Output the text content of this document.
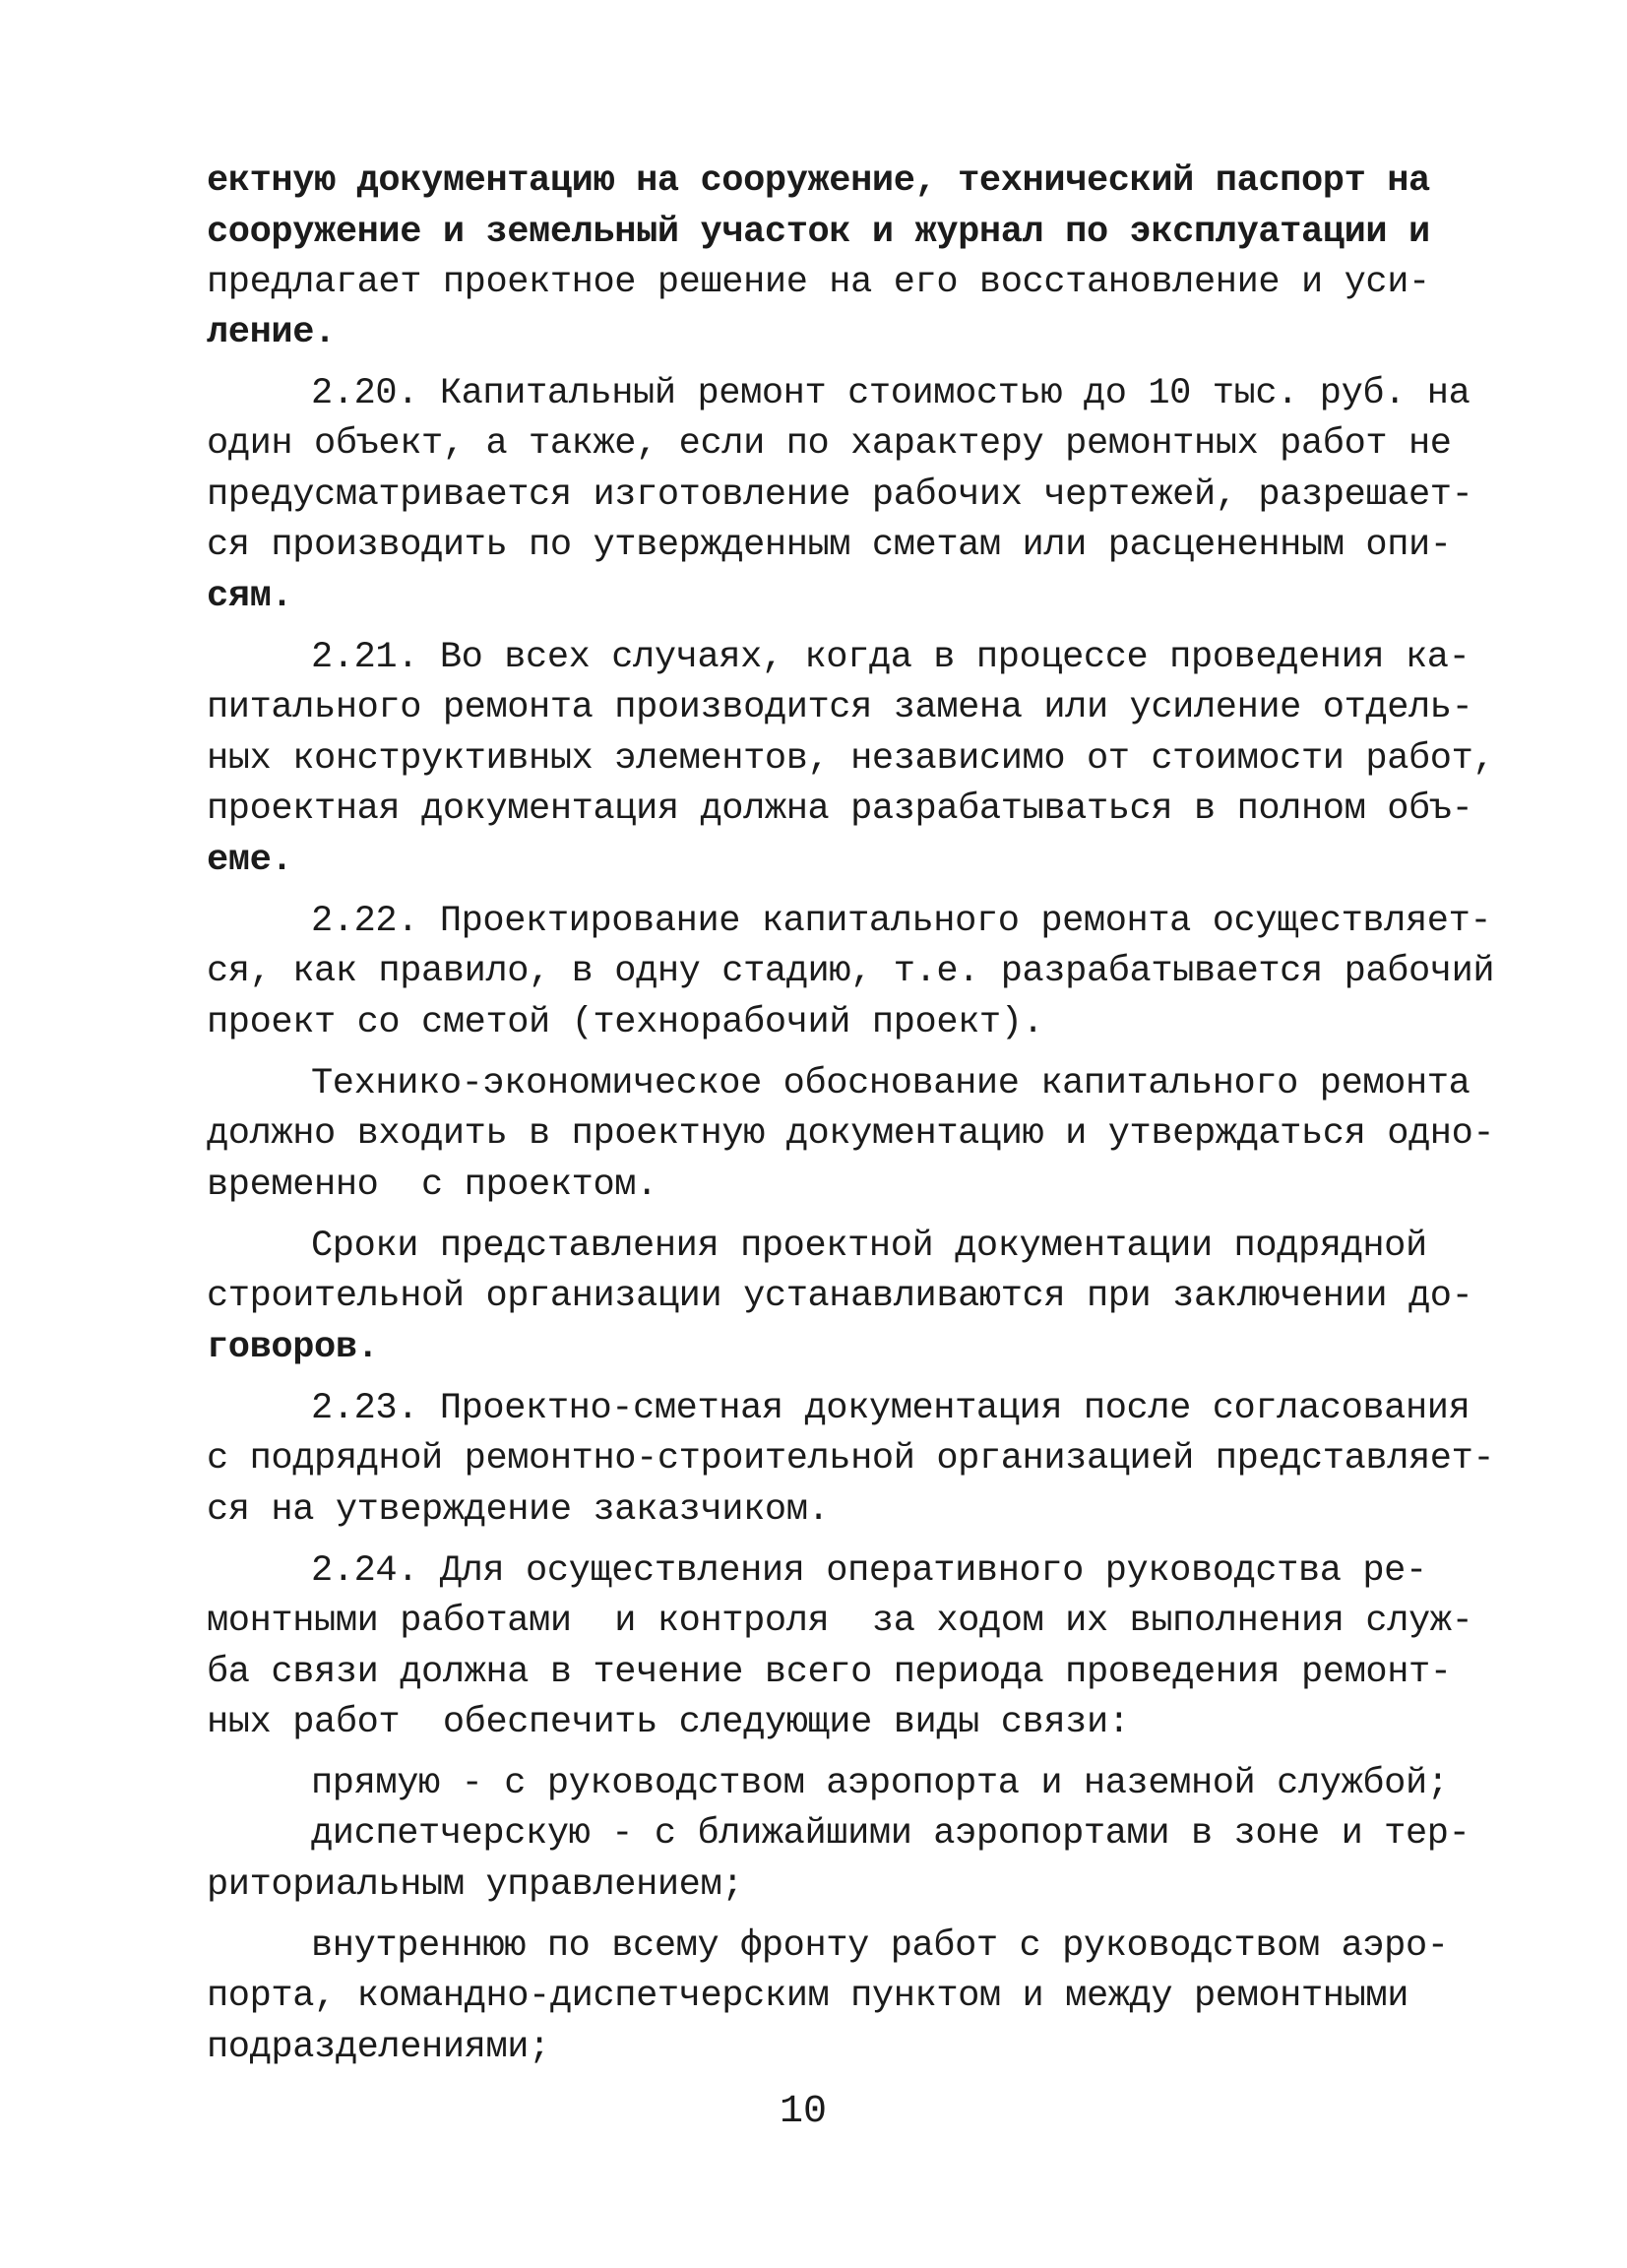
ектную документацию на сооружение, технический паспорт на
сооружение и земельный участок и журнал по эксплуатации и
предлагает проектное решение на его восстановление и уси-
ление.
2.20. Капитальный ремонт стоимостью до 10 тыс. руб. на
один объект, а также, если по характеру ремонтных работ не
предусматривается изготовление рабочих чертежей, разрешает-
ся производить по утвержденным сметам или расцененным опи-
сям.
2.21. Во всех случаях, когда в процессе проведения ка-
питального ремонта производится замена или усиление отдель-
ных конструктивных элементов, независимо от стоимости работ,
проектная документация должна разрабатываться в полном объ-
еме.
2.22. Проектирование капитального ремонта осуществляет-
ся, как правило, в одну стадию, т.е. разрабатывается рабочий
проект со сметой (технорабочий проект).
Технико-экономическое обоснование капитального ремонта
должно входить в проектную документацию и утверждаться одно-
временно  с проектом.
Сроки представления проектной документации подрядной
строительной организации устанавливаются при заключении до-
говоров.
2.23. Проектно-сметная документация после согласования
с подрядной ремонтно-строительной организацией представляет-
ся на утверждение заказчиком.
2.24. Для осуществления оперативного руководства ре-
монтными работами  и контроля  за ходом их выполнения служ-
ба связи должна в течение всего периода проведения ремонт-
ных работ  обеспечить следующие виды связи:
прямую - с руководством аэропорта и наземной службой;
диспетчерскую - с ближайшими аэропортами в зоне и тер-
риториальным управлением;
внутреннюю по всему фронту работ с руководством аэро-
порта, командно-диспетчерским пунктом и между ремонтными
подразделениями;
10
